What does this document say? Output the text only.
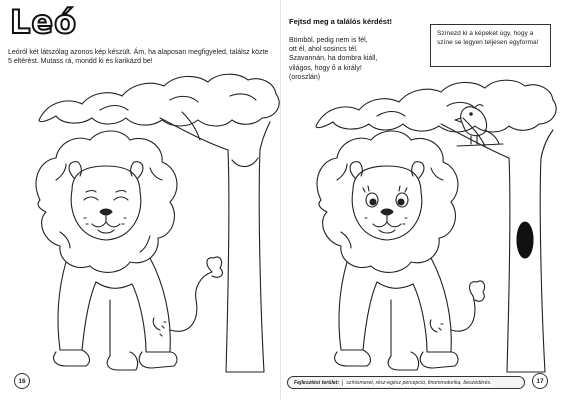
Leó
Leóról két látszólag azonos kép készült. Ám, ha alaposan megfigyeled, találsz közte 5 eltérést. Mutass rá, mondd ki és karikázd be!
16
Fejtsd meg a találós kérdést!
Bömböl, pedig nem is fél,
ott él, ahol sosincs tél.
Szavannán, ha dombra kiáll,
világos, hogy ő a király!
(oroszlán)
Színezd ki a képeket úgy, hogy a színe se legyen teljesen egyforma!
Fejlesztési terület:	színismeret, rész-egész percepció, finommotorika, beszédérés.	17
